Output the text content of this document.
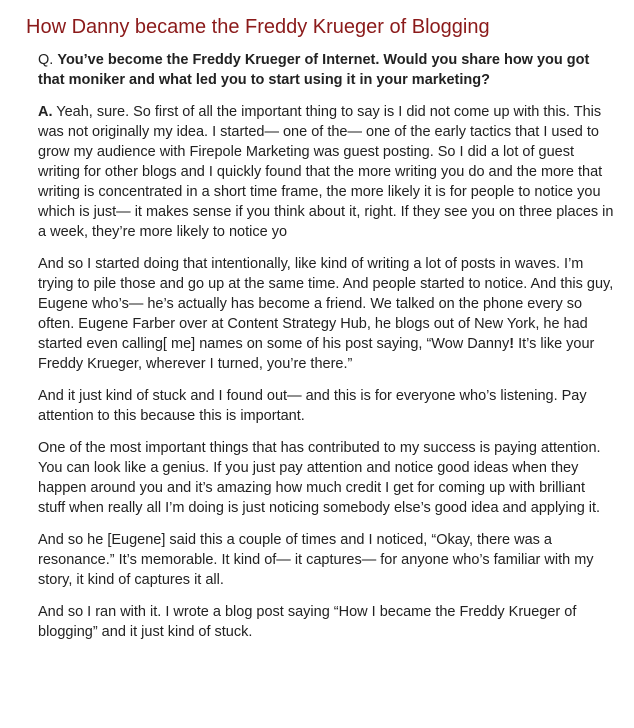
How Danny became the Freddy Krueger of Blogging

Q. You’ve become the Freddy Krueger of Internet. Would you share how you got that moniker and what led you to start using it in your marketing?

A. Yeah, sure. So first of all the important thing to say is I did not come up with this. This was not originally my idea. I started— one of the— one of the early tactics that I used to grow my audience with Firepole Marketing was guest posting. So I did a lot of guest writing for other blogs and I quickly found that the more writing you do and the more that writing is concentrated in a short time frame, the more likely it is for people to notice you which is just— it makes sense if you think about it, right. If they see you on three places in a week, they’re more likely to notice yo

And so I started doing that intentionally, like kind of writing a lot of posts in waves. I’m trying to pile those and go up at the same time. And people started to notice. And this guy, Eugene who’s— he’s actually has become a friend. We talked on the phone every so often. Eugene Farber over at Content Strategy Hub, he blogs out of New York, he had started even calling[ me] names on some of his post saying, “Wow Danny! It’s like your Freddy Krueger, wherever I turned, you’re there.”

And it just kind of stuck and I found out— and this is for everyone who’s listening. Pay attention to this because this is important.

One of the most important things that has contributed to my success is paying attention. You can look like a genius. If you just pay attention and notice good ideas when they happen around you and it’s amazing how much credit I get for coming up with brilliant stuff when really all I’m doing is just noticing somebody else’s good idea and applying it.

And so he [Eugene] said this a couple of times and I noticed, “Okay, there was a resonance.” It’s memorable. It kind of— it captures— for anyone who’s familiar with my story, it kind of captures it all.

And so I ran with it. I wrote a blog post saying “How I became the Freddy Krueger of blogging” and it just kind of stuck.
